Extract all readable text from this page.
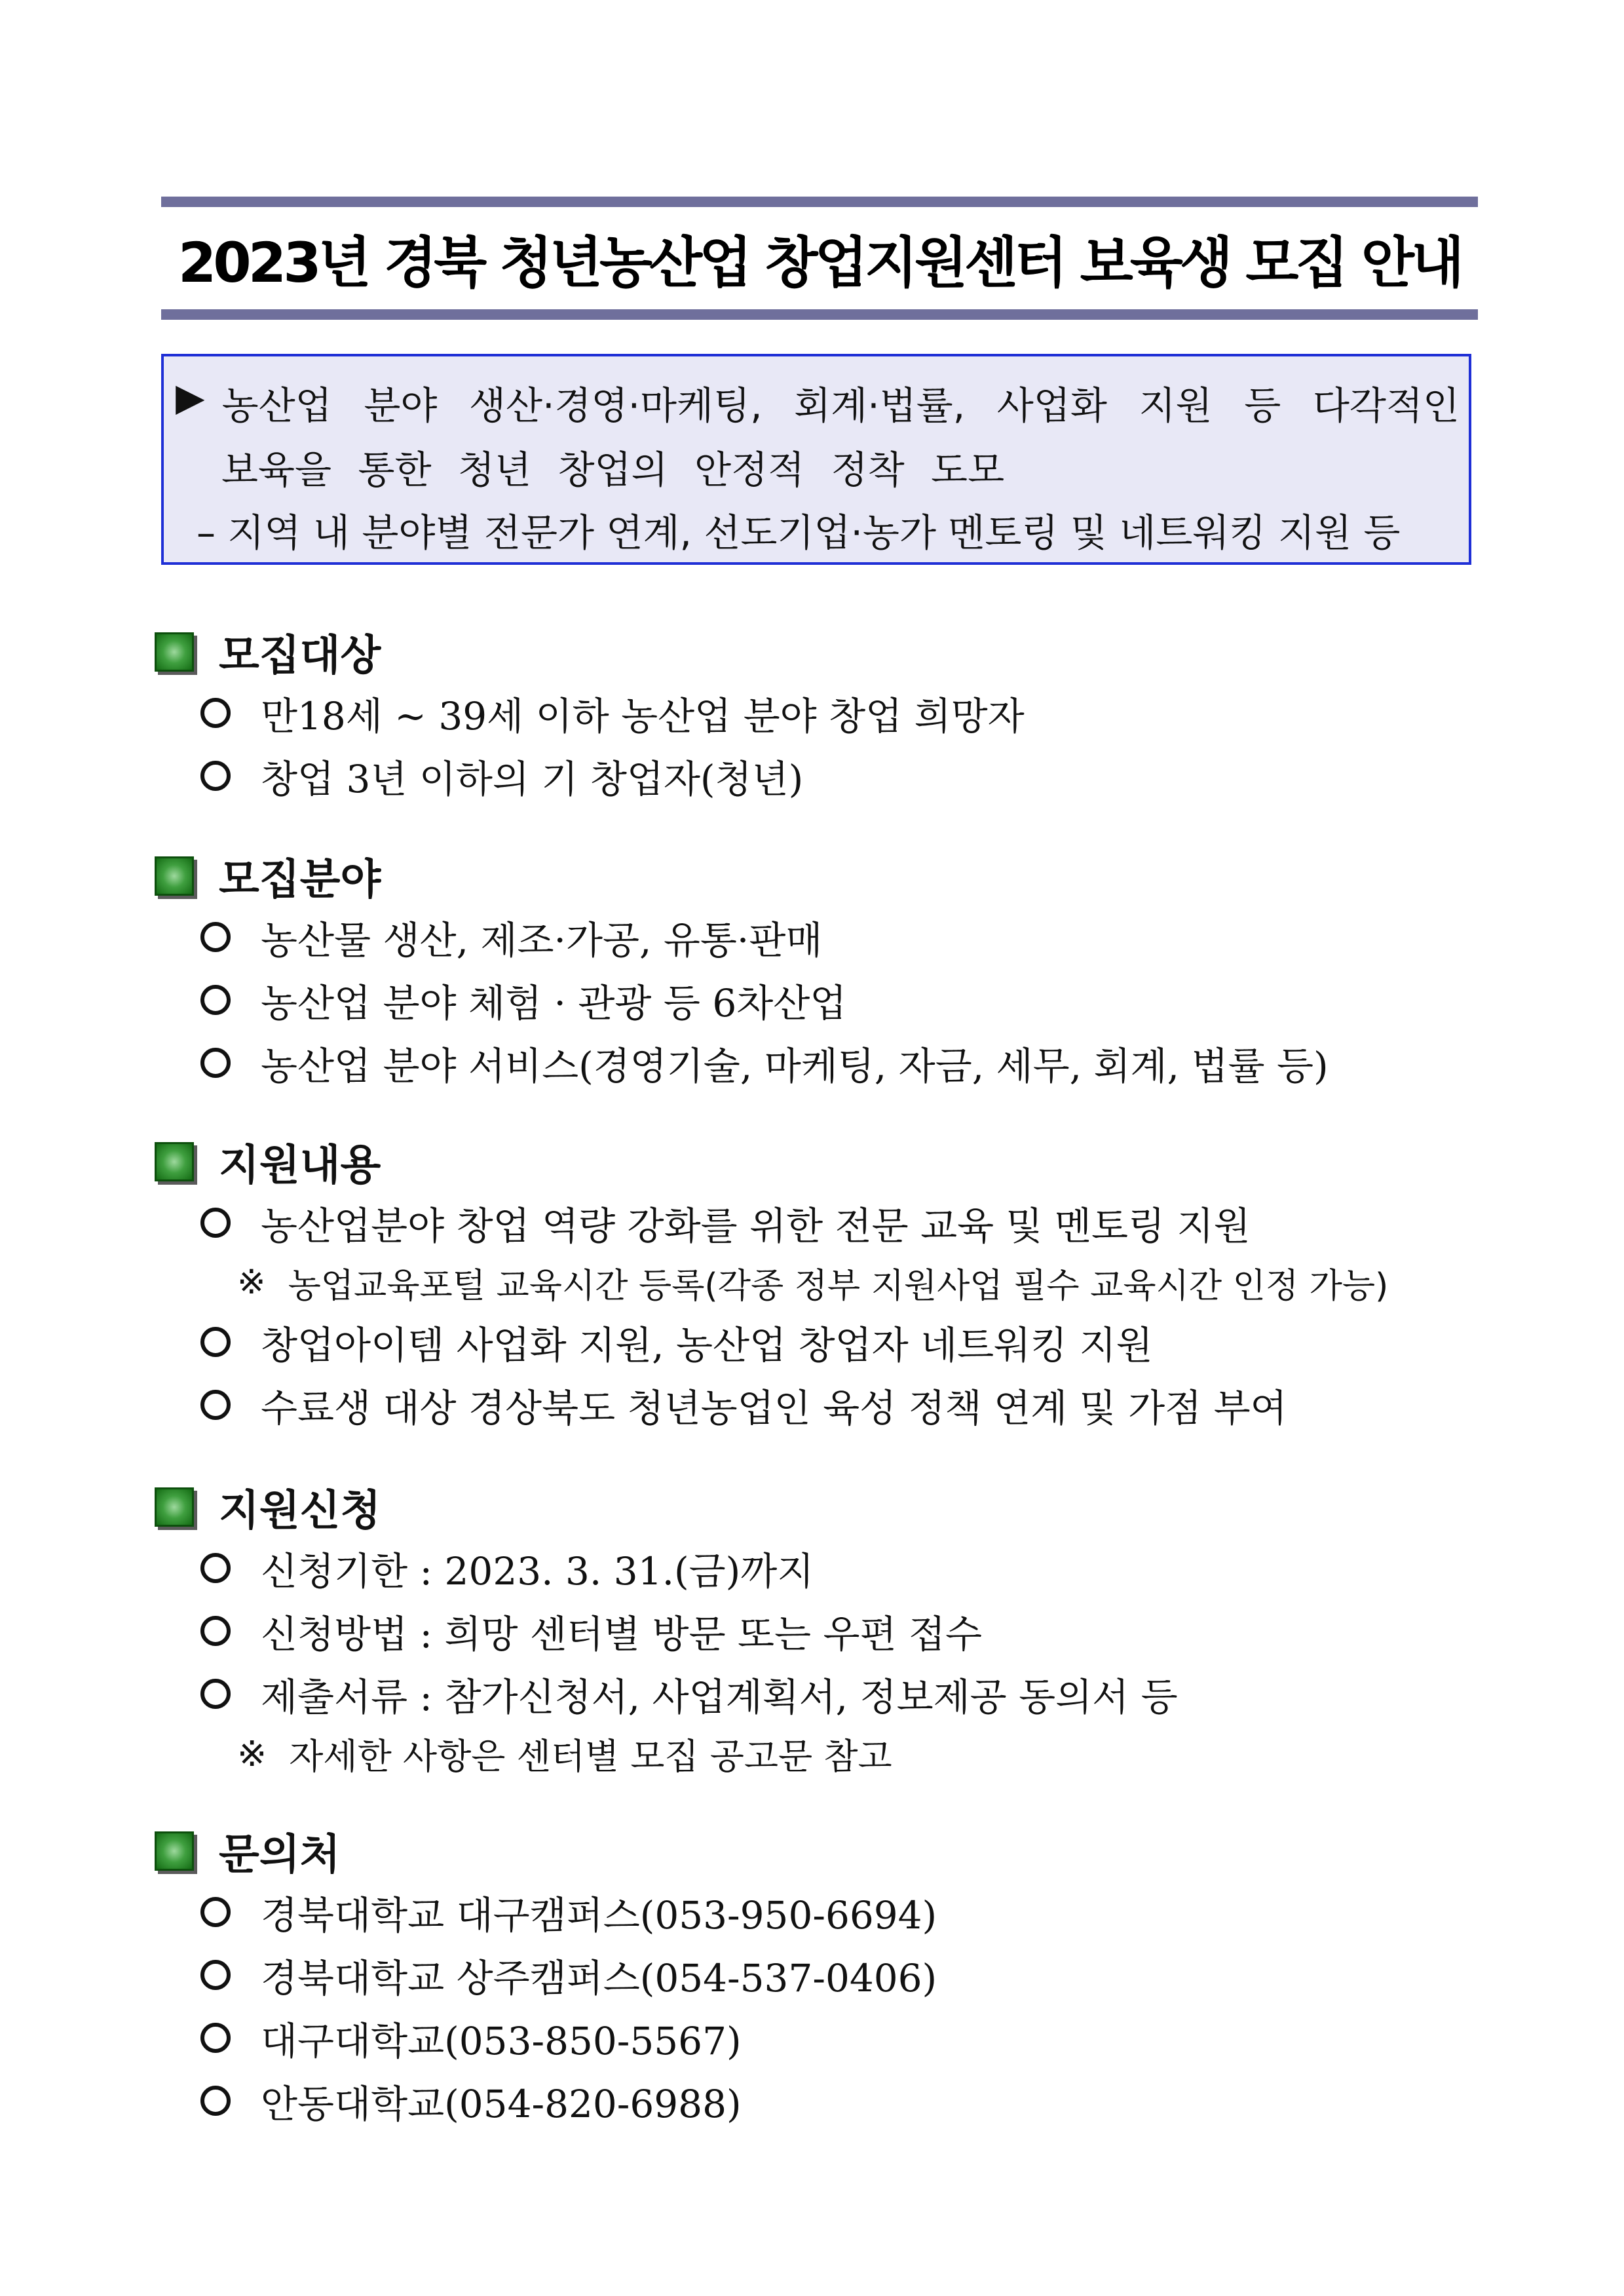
2023년 경북 청년농산업 창업지원센터 보육생 모집 안내
▶ 농산업 분야 생산·경영·마케팅, 회계·법률, 사업화 지원 등 다각적인
보육을 통한 청년 창업의 안정적 정착 도모
– 지역 내 분야별 전문가 연계, 선도기업·농가 멘토링 및 네트워킹 지원 등
모집대상
만18세 ~ 39세 이하 농산업 분야 창업 희망자
창업 3년 이하의 기 창업자(청년)
모집분야
농산물 생산, 제조·가공, 유통·판매
농산업 분야 체험 · 관광 등 6차산업
농산업 분야 서비스(경영기술, 마케팅, 자금, 세무, 회계, 법률 등)
지원내용
농산업분야 창업 역량 강화를 위한 전문 교육 및 멘토링 지원
※ 농업교육포털 교육시간 등록(각종 정부 지원사업 필수 교육시간 인정 가능)
창업아이템 사업화 지원, 농산업 창업자 네트워킹 지원
수료생 대상 경상북도 청년농업인 육성 정책 연계 및 가점 부여
지원신청
신청기한 : 2023. 3. 31.(금)까지
신청방법 : 희망 센터별 방문 또는 우편 접수
제출서류 : 참가신청서, 사업계획서, 정보제공 동의서 등
※ 자세한 사항은 센터별 모집 공고문 참고
문의처
경북대학교 대구캠퍼스(053-950-6694)
경북대학교 상주캠퍼스(054-537-0406)
대구대학교(053-850-5567)
안동대학교(054-820-6988)
